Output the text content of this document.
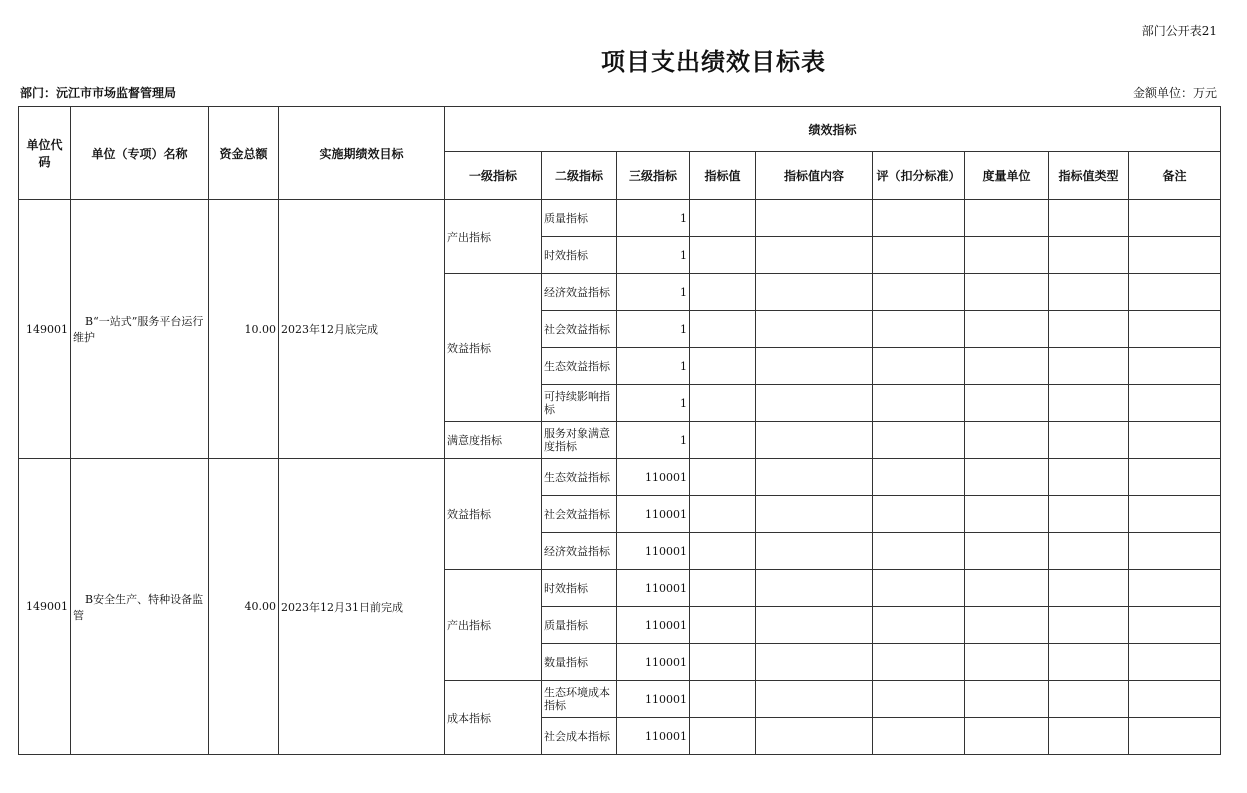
部门公开表21
项目支出绩效目标表
部门：沅江市市场监督管理局	金额单位：万元
单位代码	单位（专项）名称	资金总额	实施期绩效目标	绩效指标								
				一级指标	二级指标	三级指标	指标值	指标值内容	评（扣分标准）	度量单位	指标值类型	备注
149001	B“一站式”服务平台运行维护	10.00	2023年12月底完成	产出指标	质量指标	1						
					时效指标	1						
				效益指标	经济效益指标	1						
					社会效益指标	1						
					生态效益指标	1						
					可持续影响指标	1						
				满意度指标	服务对象满意度指标	1						
149001	B安全生产、特种设备监管	40.00	2023年12月31日前完成	效益指标	生态效益指标	110001						
					社会效益指标	110001						
					经济效益指标	110001						
				产出指标	时效指标	110001						
					质量指标	110001						
					数量指标	110001						
				成本指标	生态环境成本指标	110001						
					社会成本指标	110001						
